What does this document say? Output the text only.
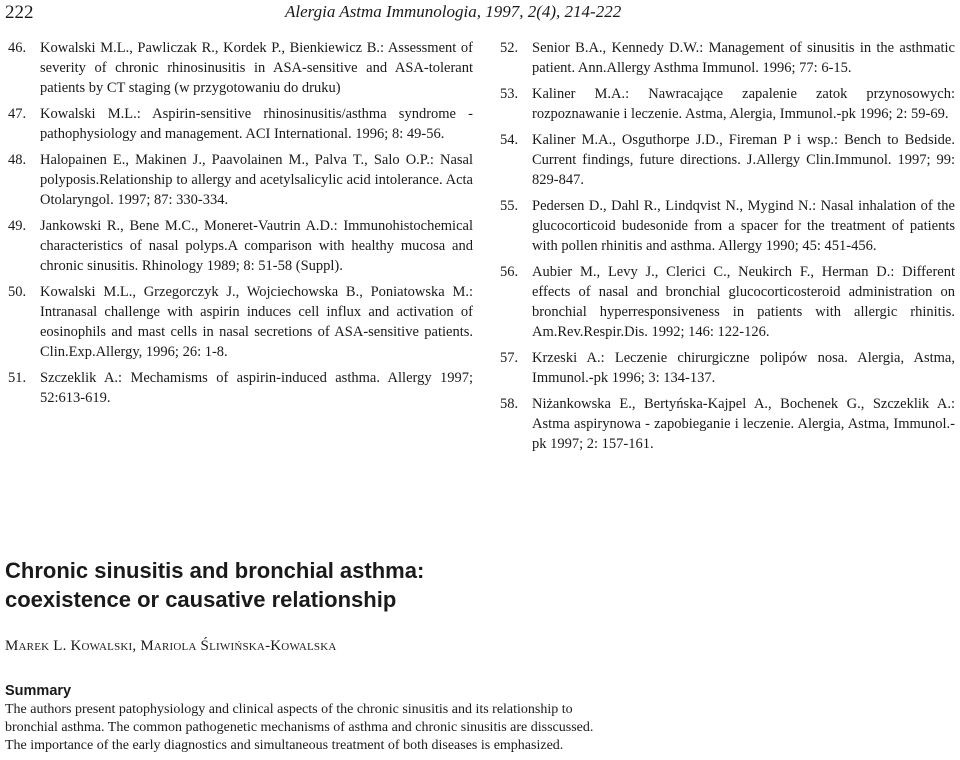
222	Alergia Astma Immunologia, 1997, 2(4), 214-222

46. Kowalski M.L., Pawliczak R., Kordek P., Bienkiewicz B.: Assessment of severity of chronic rhinosinusitis in ASA-sensitive and ASA-tolerant patients by CT staging (w przygotowaniu do druku)

47. Kowalski M.L.: Aspirin-sensitive rhinosinusitis/asthma syndrome - pathophysiology and management. ACI International. 1996; 8: 49-56.

48. Halopainen E., Makinen J., Paavolainen M., Palva T., Salo O.P.: Nasal polyposis.Relationship to allergy and acetylsalicylic acid intolerance. Acta Otolaryngol. 1997; 87: 330-334.

49. Jankowski R., Bene M.C., Moneret-Vautrin A.D.: Immunohistochemical characteristics of nasal polyps.A comparison with healthy mucosa and chronic sinusitis. Rhinology 1989; 8: 51-58 (Suppl).

50. Kowalski M.L., Grzegorczyk J., Wojciechowska B., Poniatowska M.: Intranasal challenge with aspirin induces cell influx and activation of eosinophils and mast cells in nasal secretions of ASA-sensitive patients. Clin.Exp.Allergy, 1996; 26: 1-8.

51. Szczeklik A.: Mechamisms of aspirin-induced asthma. Allergy 1997; 52:613-619.

52. Senior B.A., Kennedy D.W.: Management of sinusitis in the asthmatic patient. Ann.Allergy Asthma Immunol. 1996; 77: 6-15.

53. Kaliner M.A.: Nawracające zapalenie zatok przynosowych: rozpoznawanie i leczenie. Astma, Alergia, Immunol.-pk 1996; 2: 59-69.

54. Kaliner M.A., Osguthorpe J.D., Fireman P i wsp.: Bench to Bedside. Current findings, future directions. J.Allergy Clin.Immunol. 1997; 99: 829-847.

55. Pedersen D., Dahl R., Lindqvist N., Mygind N.: Nasal inhalation of the glucocorticoid budesonide from a spacer for the treatment of patients with pollen rhinitis and asthma. Allergy 1990; 45: 451-456.

56. Aubier M., Levy J., Clerici C., Neukirch F., Herman D.: Different effects of nasal and bronchial glucocorticosteroid administration on bronchial hyperresponsiveness in patients with allergic rhinitis. Am.Rev.Respir.Dis. 1992; 146: 122-126.

57. Krzeski A.: Leczenie chirurgiczne polipów nosa. Alergia, Astma, Immunol.-pk 1996; 3: 134-137.

58. Niżankowska E., Bertyńska-Kajpel A., Bochenek G., Szczeklik A.: Astma aspirynowa - zapobieganie i leczenie. Alergia, Astma, Immunol.-pk 1997; 2: 157-161.

Chronic sinusitis and bronchial asthma:
coexistence or causative relationship
Marek L. Kowalski, Mariola Śliwińska-Kowalska

Summary

The authors present patophysiology and clinical aspects of the chronic sinusitis and its relationship to

bronchial asthma. The common pathogenetic mechanisms of asthma and chronic sinusitis are disscussed.

The importance of the early diagnostics and simultaneous treatment of both diseases is emphasized.
